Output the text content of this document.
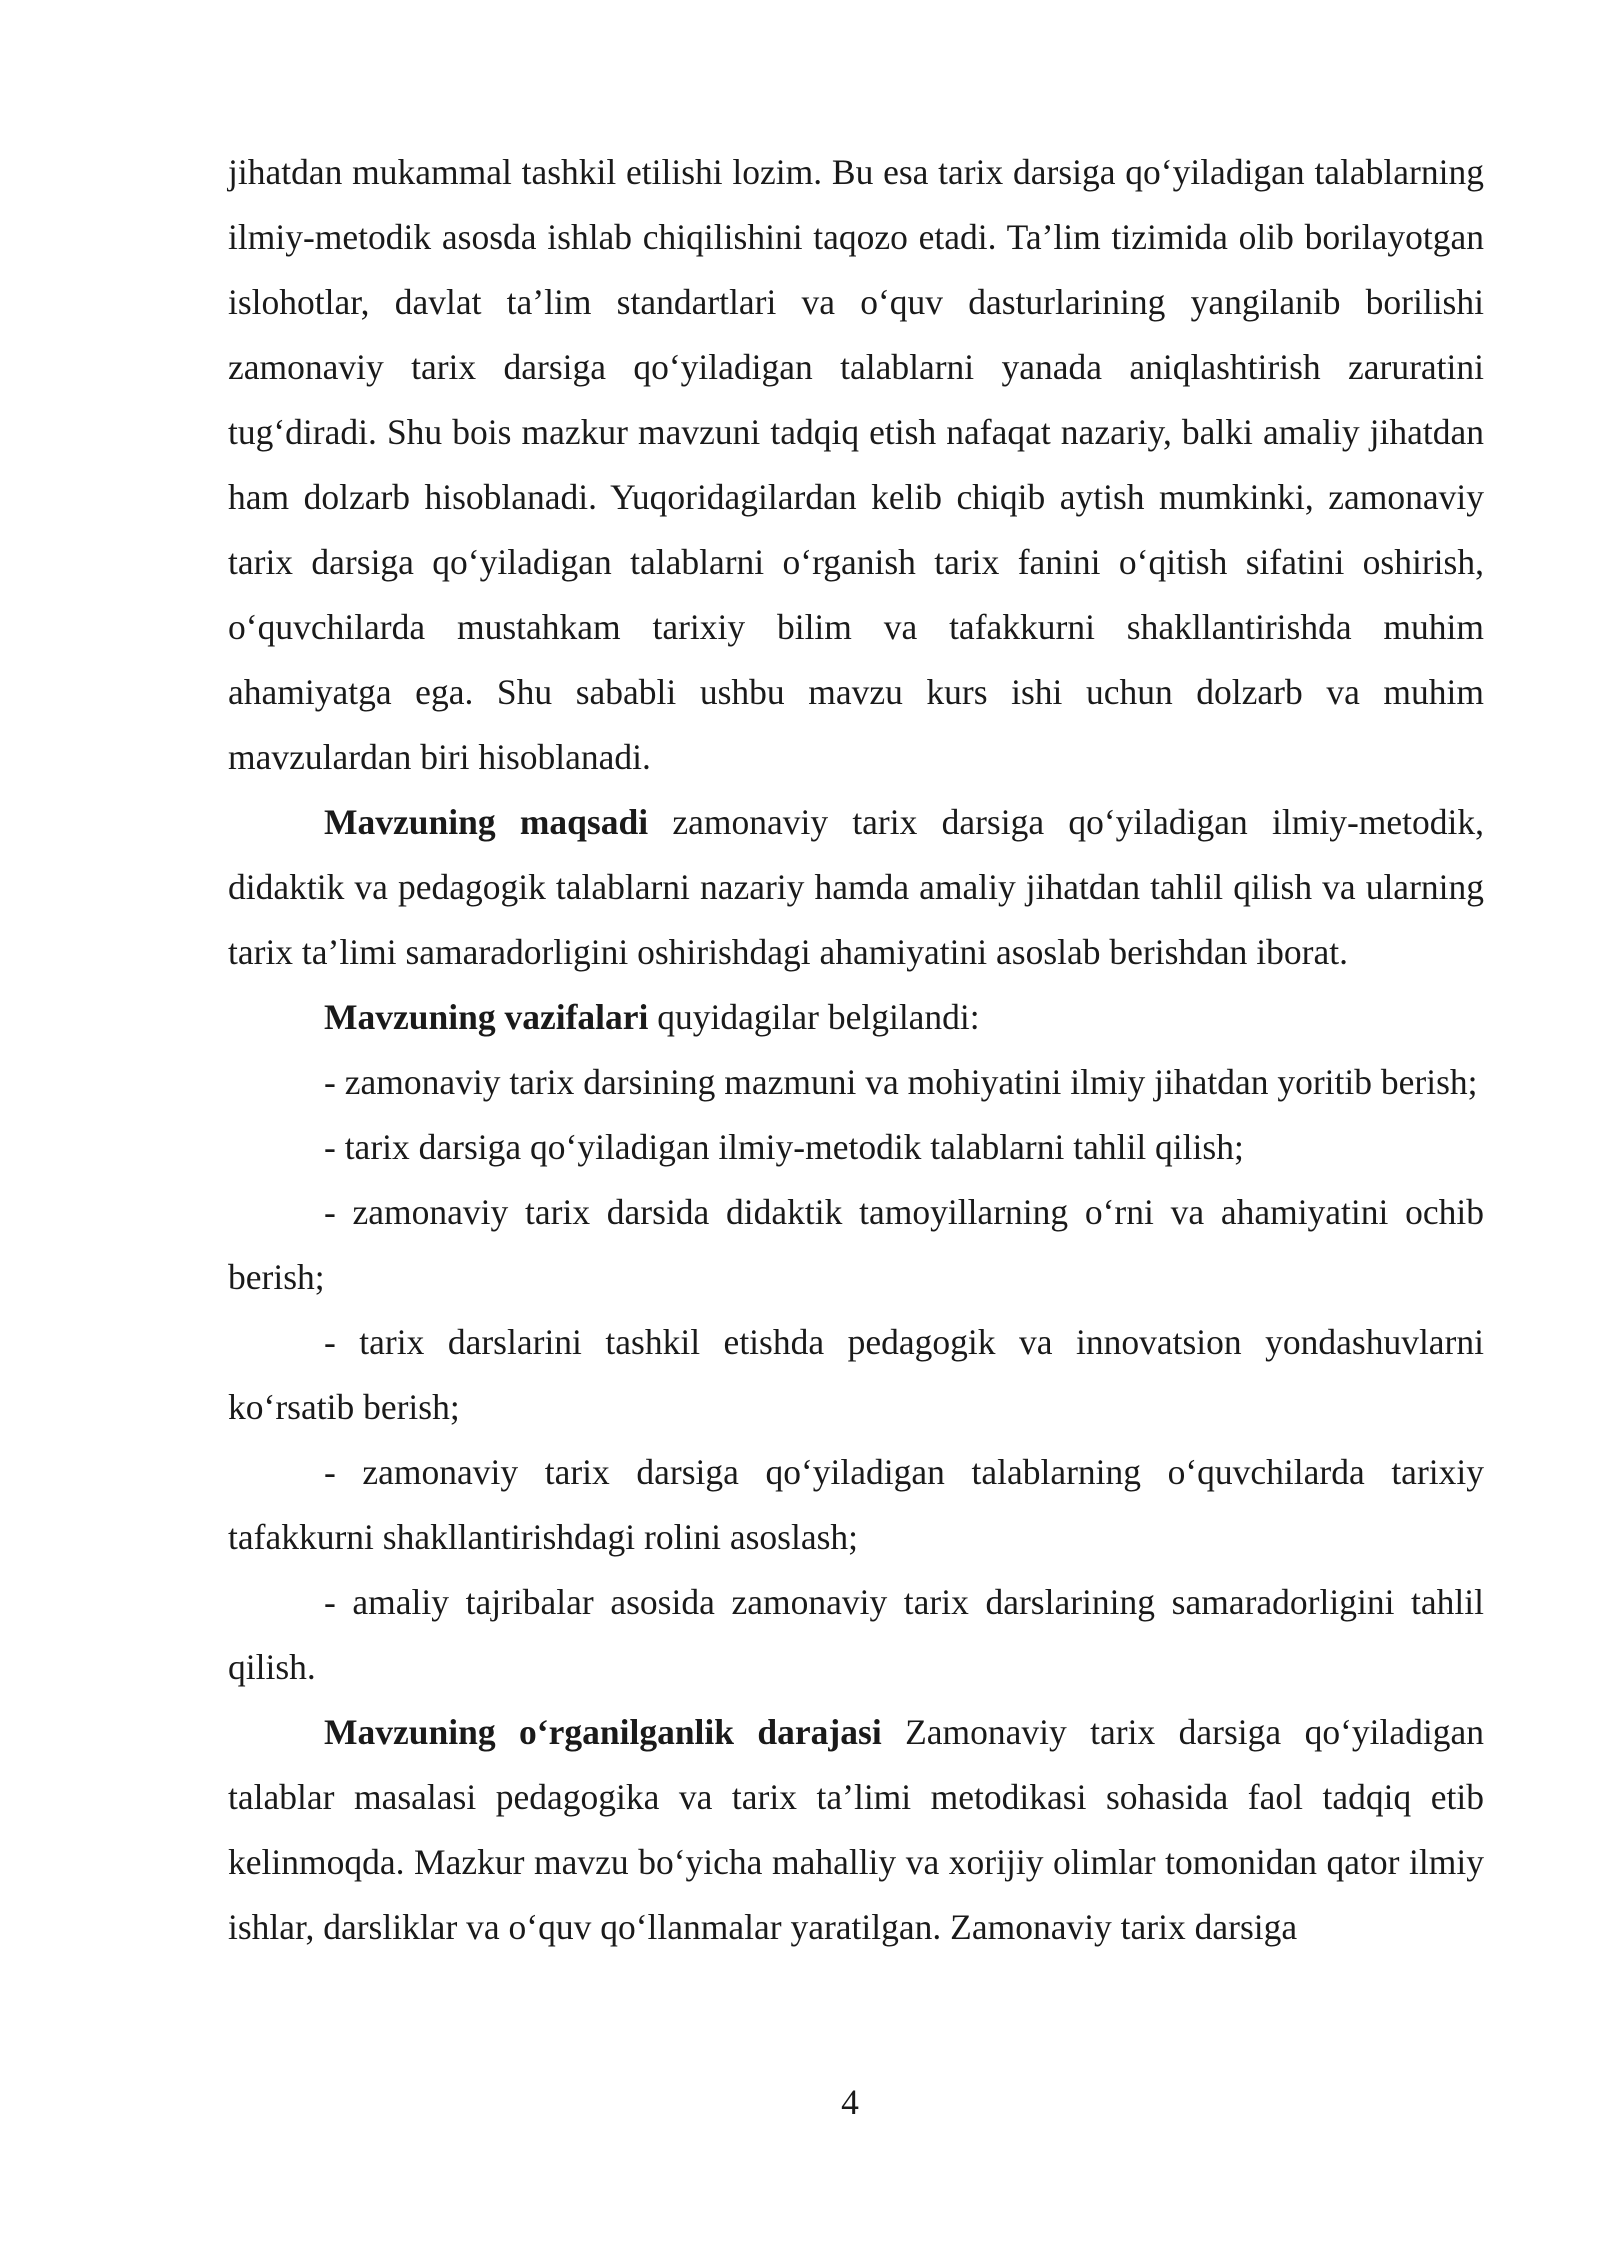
jihatdan mukammal tashkil etilishi lozim. Bu esa tarix darsiga qo‘yiladigan talablarning ilmiy-metodik asosda ishlab chiqilishini taqozo etadi. Ta’lim tizimida olib borilayotgan islohotlar, davlat ta’lim standartlari va o‘quv dasturlarining yangilanib borilishi zamonaviy tarix darsiga qo‘yiladigan talablarni yanada aniqlashtirish zaruratini tug‘diradi. Shu bois mazkur mavzuni tadqiq etish nafaqat nazariy, balki amaliy jihatdan ham dolzarb hisoblanadi. Yuqoridagilardan kelib chiqib aytish mumkinki, zamonaviy tarix darsiga qo‘yiladigan talablarni o‘rganish tarix fanini o‘qitish sifatini oshirish, o‘quvchilarda mustahkam tarixiy bilim va tafakkurni shakllantirishda muhim ahamiyatga ega. Shu sababli ushbu mavzu kurs ishi uchun dolzarb va muhim mavzulardan biri hisoblanadi.

Mavzuning maqsadi zamonaviy tarix darsiga qo‘yiladigan ilmiy-metodik, didaktik va pedagogik talablarni nazariy hamda amaliy jihatdan tahlil qilish va ularning tarix ta’limi samaradorligini oshirishdagi ahamiyatini asoslab berishdan iborat.

Mavzuning vazifalari quyidagilar belgilandi:

- zamonaviy tarix darsining mazmuni va mohiyatini ilmiy jihatdan yoritib berish;

- tarix darsiga qo‘yiladigan ilmiy-metodik talablarni tahlil qilish;

- zamonaviy tarix darsida didaktik tamoyillarning o‘rni va ahamiyatini ochib berish;

- tarix darslarini tashkil etishda pedagogik va innovatsion yondashuvlarni ko‘rsatib berish;

- zamonaviy tarix darsiga qo‘yiladigan talablarning o‘quvchilarda tarixiy tafakkurni shakllantirishdagi rolini asoslash;

- amaliy tajribalar asosida zamonaviy tarix darslarining samaradorligini tahlil qilish.

Mavzuning o‘rganilganlik darajasi Zamonaviy tarix darsiga qo‘yiladigan talablar masalasi pedagogika va tarix ta’limi metodikasi sohasida faol tadqiq etib kelinmoqda. Mazkur mavzu bo‘yicha mahalliy va xorijiy olimlar tomonidan qator ilmiy ishlar, darsliklar va o‘quv qo‘llanmalar yaratilgan. Zamonaviy tarix darsiga

4
